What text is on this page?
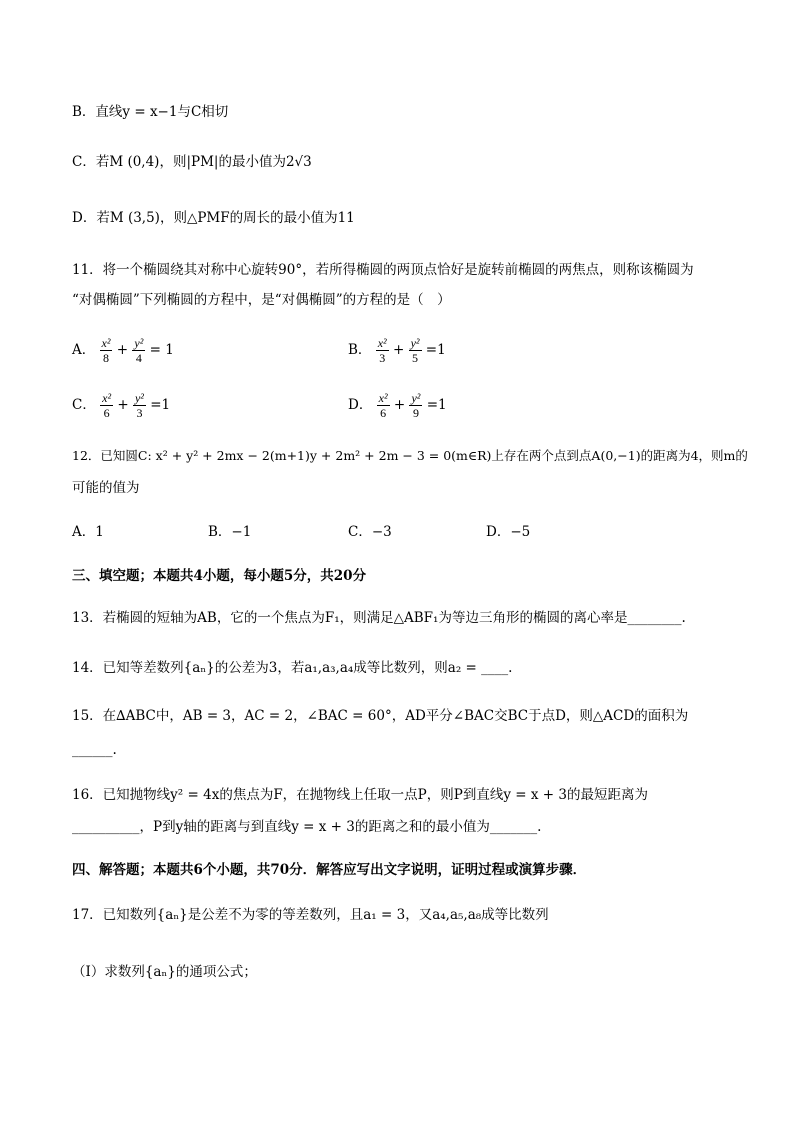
B．直线y = x−1与C相切
C．若M (0,4)，则|PM|的最小值为2√3
D．若M (3,5)，则△PMF的周长的最小值为11
11．将一个椭圆绕其对称中心旋转90°，若所得椭圆的两顶点恰好是旋转前椭圆的两焦点，则称该椭圆为
“对偶椭圆”下列椭圆的方程中，是“对偶椭圆”的方程的是（　）
A． $\frac{\text{x²}}{8} + \frac{\text{y²}}{4} = 1$	B． $\frac{\text{x²}}{3} + \frac{\text{y²}}{5} =1$
C． $\frac{\text{x²}}{6} + \frac{\text{y²}}{3} =1$	D． $\frac{\text{x²}}{6} + \frac{\text{y²}}{9} =1$
12．已知圆C: x² + y² + 2mx − 2(m+1)y + 2m² + 2m − 3 = 0(m∈R)上存在两个点到点A(0,−1)的距离为4，则m的
可能的值为
A．1	B．−1	C．−3	D．−5
三、填空题；本题共4小题，每小题5分，共20分
13．若椭圆的短轴为AB，它的一个焦点为F₁，则满足△ABF₁为等边三角形的椭圆的离心率是________.
14．已知等差数列{aₙ}的公差为3，若a₁,a₃,a₄成等比数列，则a₂ = ____.
15．在∆ABC中，AB = 3，AC = 2，∠BAC = 60°，AD平分∠BAC交BC于点D，则△ACD的面积为
______.
16．已知抛物线y² = 4x的焦点为F，在抛物线上任取一点P，则P到直线y = x + 3的最短距离为
__________，P到y轴的距离与到直线y = x + 3的距离之和的最小值为_______.
四、解答题；本题共6个小题，共70分．解答应写出文字说明，证明过程或演算步骤．
17．已知数列{aₙ}是公差不为零的等差数列，且a₁ = 3，又a₄,a₅,a₈成等比数列
（I）求数列{aₙ}的通项公式；
